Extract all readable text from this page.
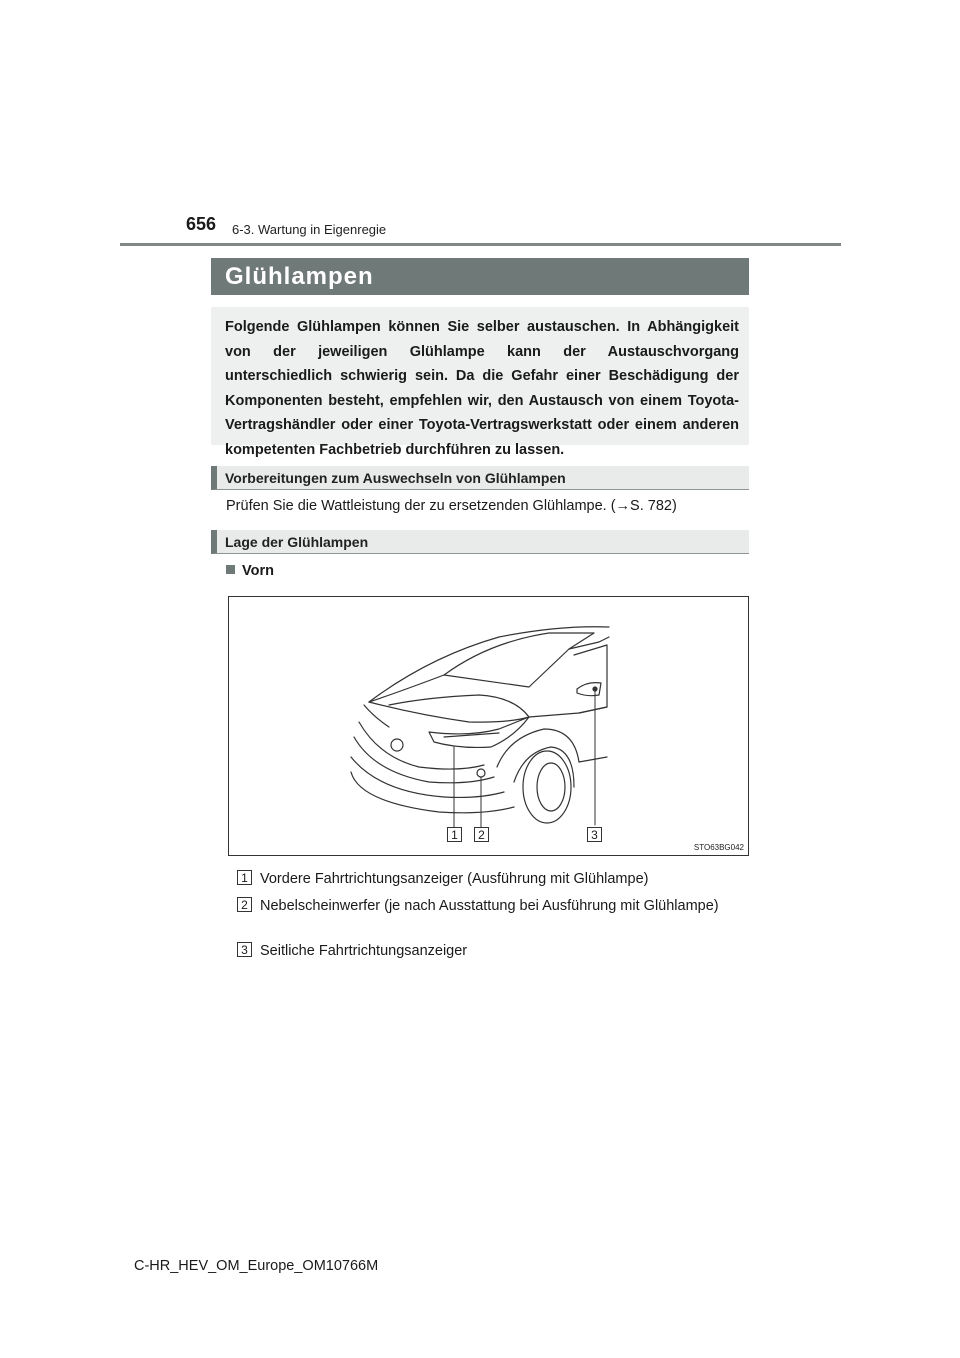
656 6-3. Wartung in Eigenregie
Glühlampen
Folgende Glühlampen können Sie selber austauschen. In Abhängigkeit von der jeweiligen Glühlampe kann der Austauschvorgang unterschiedlich schwierig sein. Da die Gefahr einer Beschädigung der Komponenten besteht, empfehlen wir, den Austausch von einem Toyota-Vertragshändler oder einer Toyota-Vertragswerkstatt oder einem anderen kompetenten Fachbetrieb durchführen zu lassen.
Vorbereitungen zum Auswechseln von Glühlampen
Prüfen Sie die Wattleistung der zu ersetzenden Glühlampe. (→S. 782)
Lage der Glühlampen
Vorn
1	2	3
STO63BG042
1 Vordere Fahrtrichtungsanzeiger (Ausführung mit Glühlampe)
2 Nebelscheinwerfer (je nach Ausstattung bei Ausführung mit Glühlampe)
3 Seitliche Fahrtrichtungsanzeiger
C-HR_HEV_OM_Europe_OM10766M
